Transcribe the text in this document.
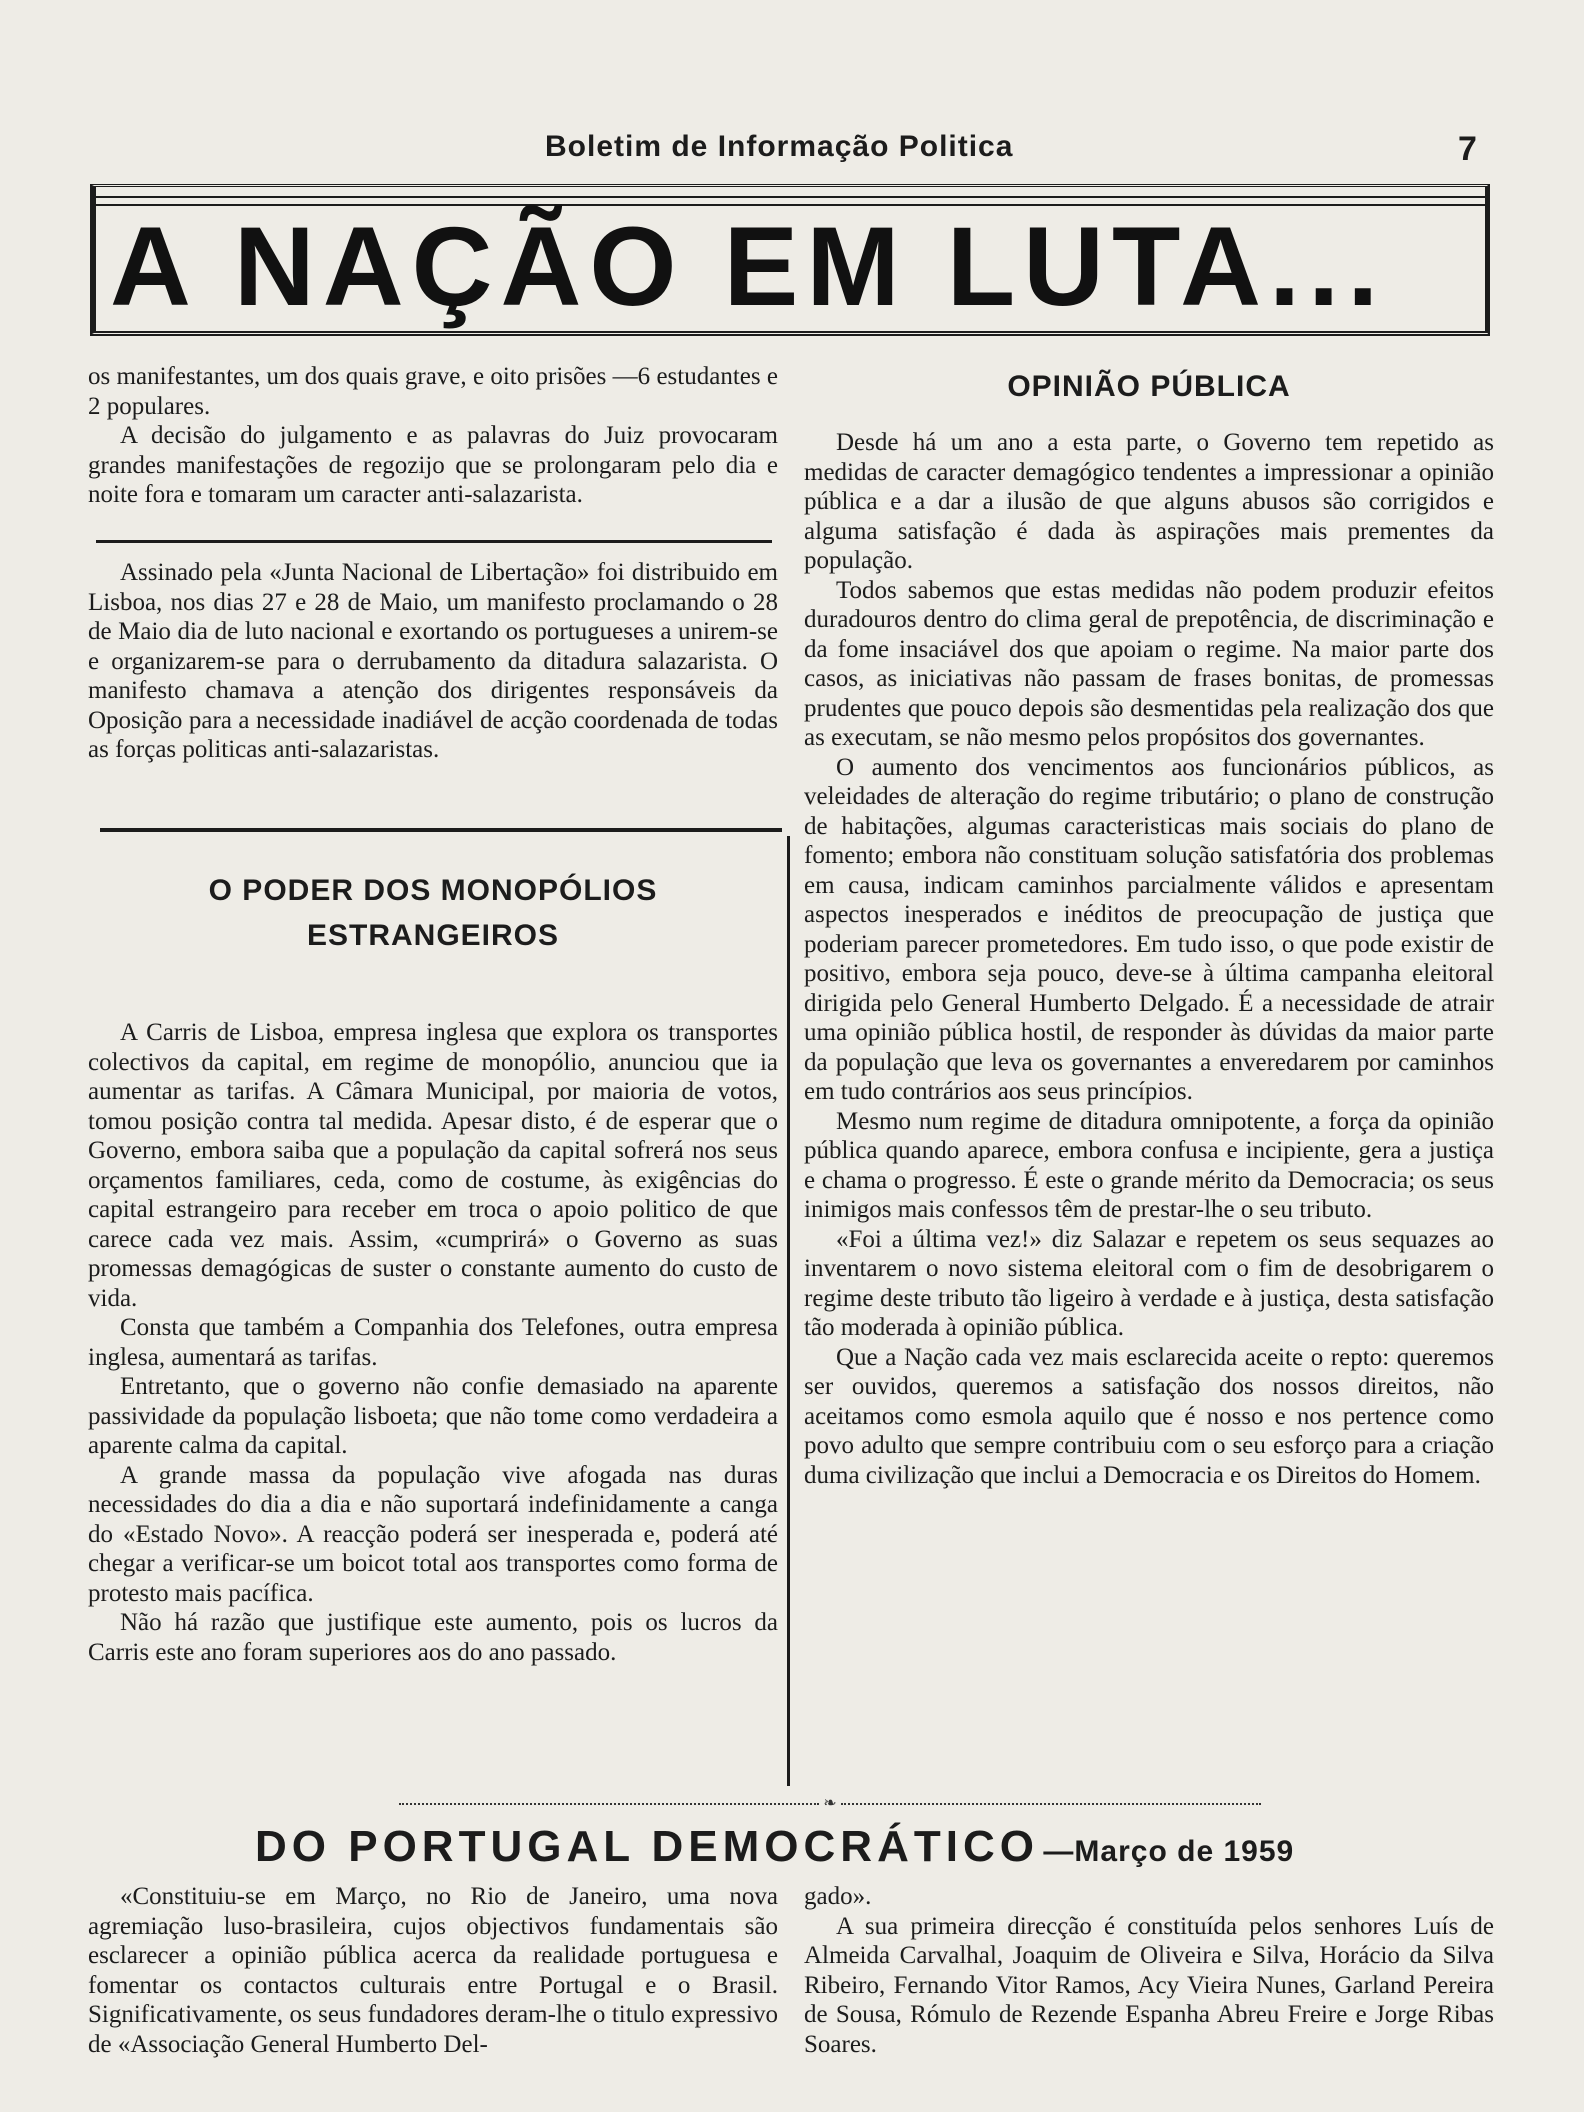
Boletim de Informação Politica	7
A NAÇÃO EM LUTA...

os manifestantes, um dos quais grave, e oito prisões —6 estudantes e 2 populares.

A decisão do julgamento e as palavras do Juiz provocaram grandes manifestações de regozijo que se prolongaram pelo dia e noite fora e tomaram um caracter anti-salazarista.

Assinado pela «Junta Nacional de Libertação» foi distribuido em Lisboa, nos dias 27 e 28 de Maio, um manifesto proclamando o 28 de Maio dia de luto nacional e exortando os portugueses a unirem-se e organizarem-se para o derrubamento da ditadura salazarista. O manifesto chamava a atenção dos dirigentes responsáveis da Oposição para a necessidade inadiável de acção coordenada de todas as forças politicas anti-salazaristas.

O PODER DOS MONOPÓLIOS
ESTRANGEIROS

A Carris de Lisboa, empresa inglesa que explora os transportes colectivos da capital, em regime de monopólio, anunciou que ia aumentar as tarifas. A Câmara Municipal, por maioria de votos, tomou posição contra tal medida. Apesar disto, é de esperar que o Governo, embora saiba que a população da capital sofrerá nos seus orçamentos familiares, ceda, como de costume, às exigências do capital estrangeiro para receber em troca o apoio politico de que carece cada vez mais. Assim, «cumprirá» o Governo as suas promessas demagógicas de suster o constante aumento do custo de vida.

Consta que também a Companhia dos Telefones, outra empresa inglesa, aumentará as tarifas.

Entretanto, que o governo não confie demasiado na aparente passividade da população lisboeta; que não tome como verdadeira a aparente calma da capital.

A grande massa da população vive afogada nas duras necessidades do dia a dia e não suportará indefinidamente a canga do «Estado Novo». A reacção poderá ser inesperada e, poderá até chegar a verificar-se um boicot total aos transportes como forma de protesto mais pacífica.

Não há razão que justifique este aumento, pois os lucros da Carris este ano foram superiores aos do ano passado.

OPINIÃO PÚBLICA

Desde há um ano a esta parte, o Governo tem repetido as medidas de caracter demagógico tendentes a impressionar a opinião pública e a dar a ilusão de que alguns abusos são corrigidos e alguma satisfação é dada às aspirações mais prementes da população.

Todos sabemos que estas medidas não podem produzir efeitos duradouros dentro do clima geral de prepotência, de discriminação e da fome insaciável dos que apoiam o regime. Na maior parte dos casos, as iniciativas não passam de frases bonitas, de promessas prudentes que pouco depois são desmentidas pela realização dos que as executam, se não mesmo pelos propósitos dos governantes.

O aumento dos vencimentos aos funcionários públicos, as veleidades de alteração do regime tributário; o plano de construção de habitações, algumas caracteristicas mais sociais do plano de fomento; embora não constituam solução satisfatória dos problemas em causa, indicam caminhos parcialmente válidos e apresentam aspectos inesperados e inéditos de preocupação de justiça que poderiam parecer prometedores. Em tudo isso, o que pode existir de positivo, embora seja pouco, deve-se à última campanha eleitoral dirigida pelo General Humberto Delgado. É a necessidade de atrair uma opinião pública hostil, de responder às dúvidas da maior parte da população que leva os governantes a enveredarem por caminhos em tudo contrários aos seus princípios.

Mesmo num regime de ditadura omnipotente, a força da opinião pública quando aparece, embora confusa e incipiente, gera a justiça e chama o progresso. É este o grande mérito da Democracia; os seus inimigos mais confessos têm de prestar-lhe o seu tributo.

«Foi a última vez!» diz Salazar e repetem os seus sequazes ao inventarem o novo sistema eleitoral com o fim de desobrigarem o regime deste tributo tão ligeiro à verdade e à justiça, desta satisfação tão moderada à opinião pública.

Que a Nação cada vez mais esclarecida aceite o repto: queremos ser ouvidos, queremos a satisfação dos nossos direitos, não aceitamos como esmola aquilo que é nosso e nos pertence como povo adulto que sempre contribuiu com o seu esforço para a criação duma civilização que inclui a Democracia e os Direitos do Homem.

❧
DO PORTUGAL DEMOCRÁTICO —Março de 1959

«Constituiu-se em Março, no Rio de Janeiro, uma nova agremiação luso-brasileira, cujos objectivos fundamentais são esclarecer a opinião pública acerca da realidade portuguesa e fomentar os contactos culturais entre Portugal e o Brasil. Significativamente, os seus fundadores deram-lhe o titulo expressivo de «Associação General Humberto Del-

gado».

A sua primeira direcção é constituída pelos senhores Luís de Almeida Carvalhal, Joaquim de Oliveira e Silva, Horácio da Silva Ribeiro, Fernando Vitor Ramos, Acy Vieira Nunes, Garland Pereira de Sousa, Rómulo de Rezende Espanha Abreu Freire e Jorge Ribas Soares.
